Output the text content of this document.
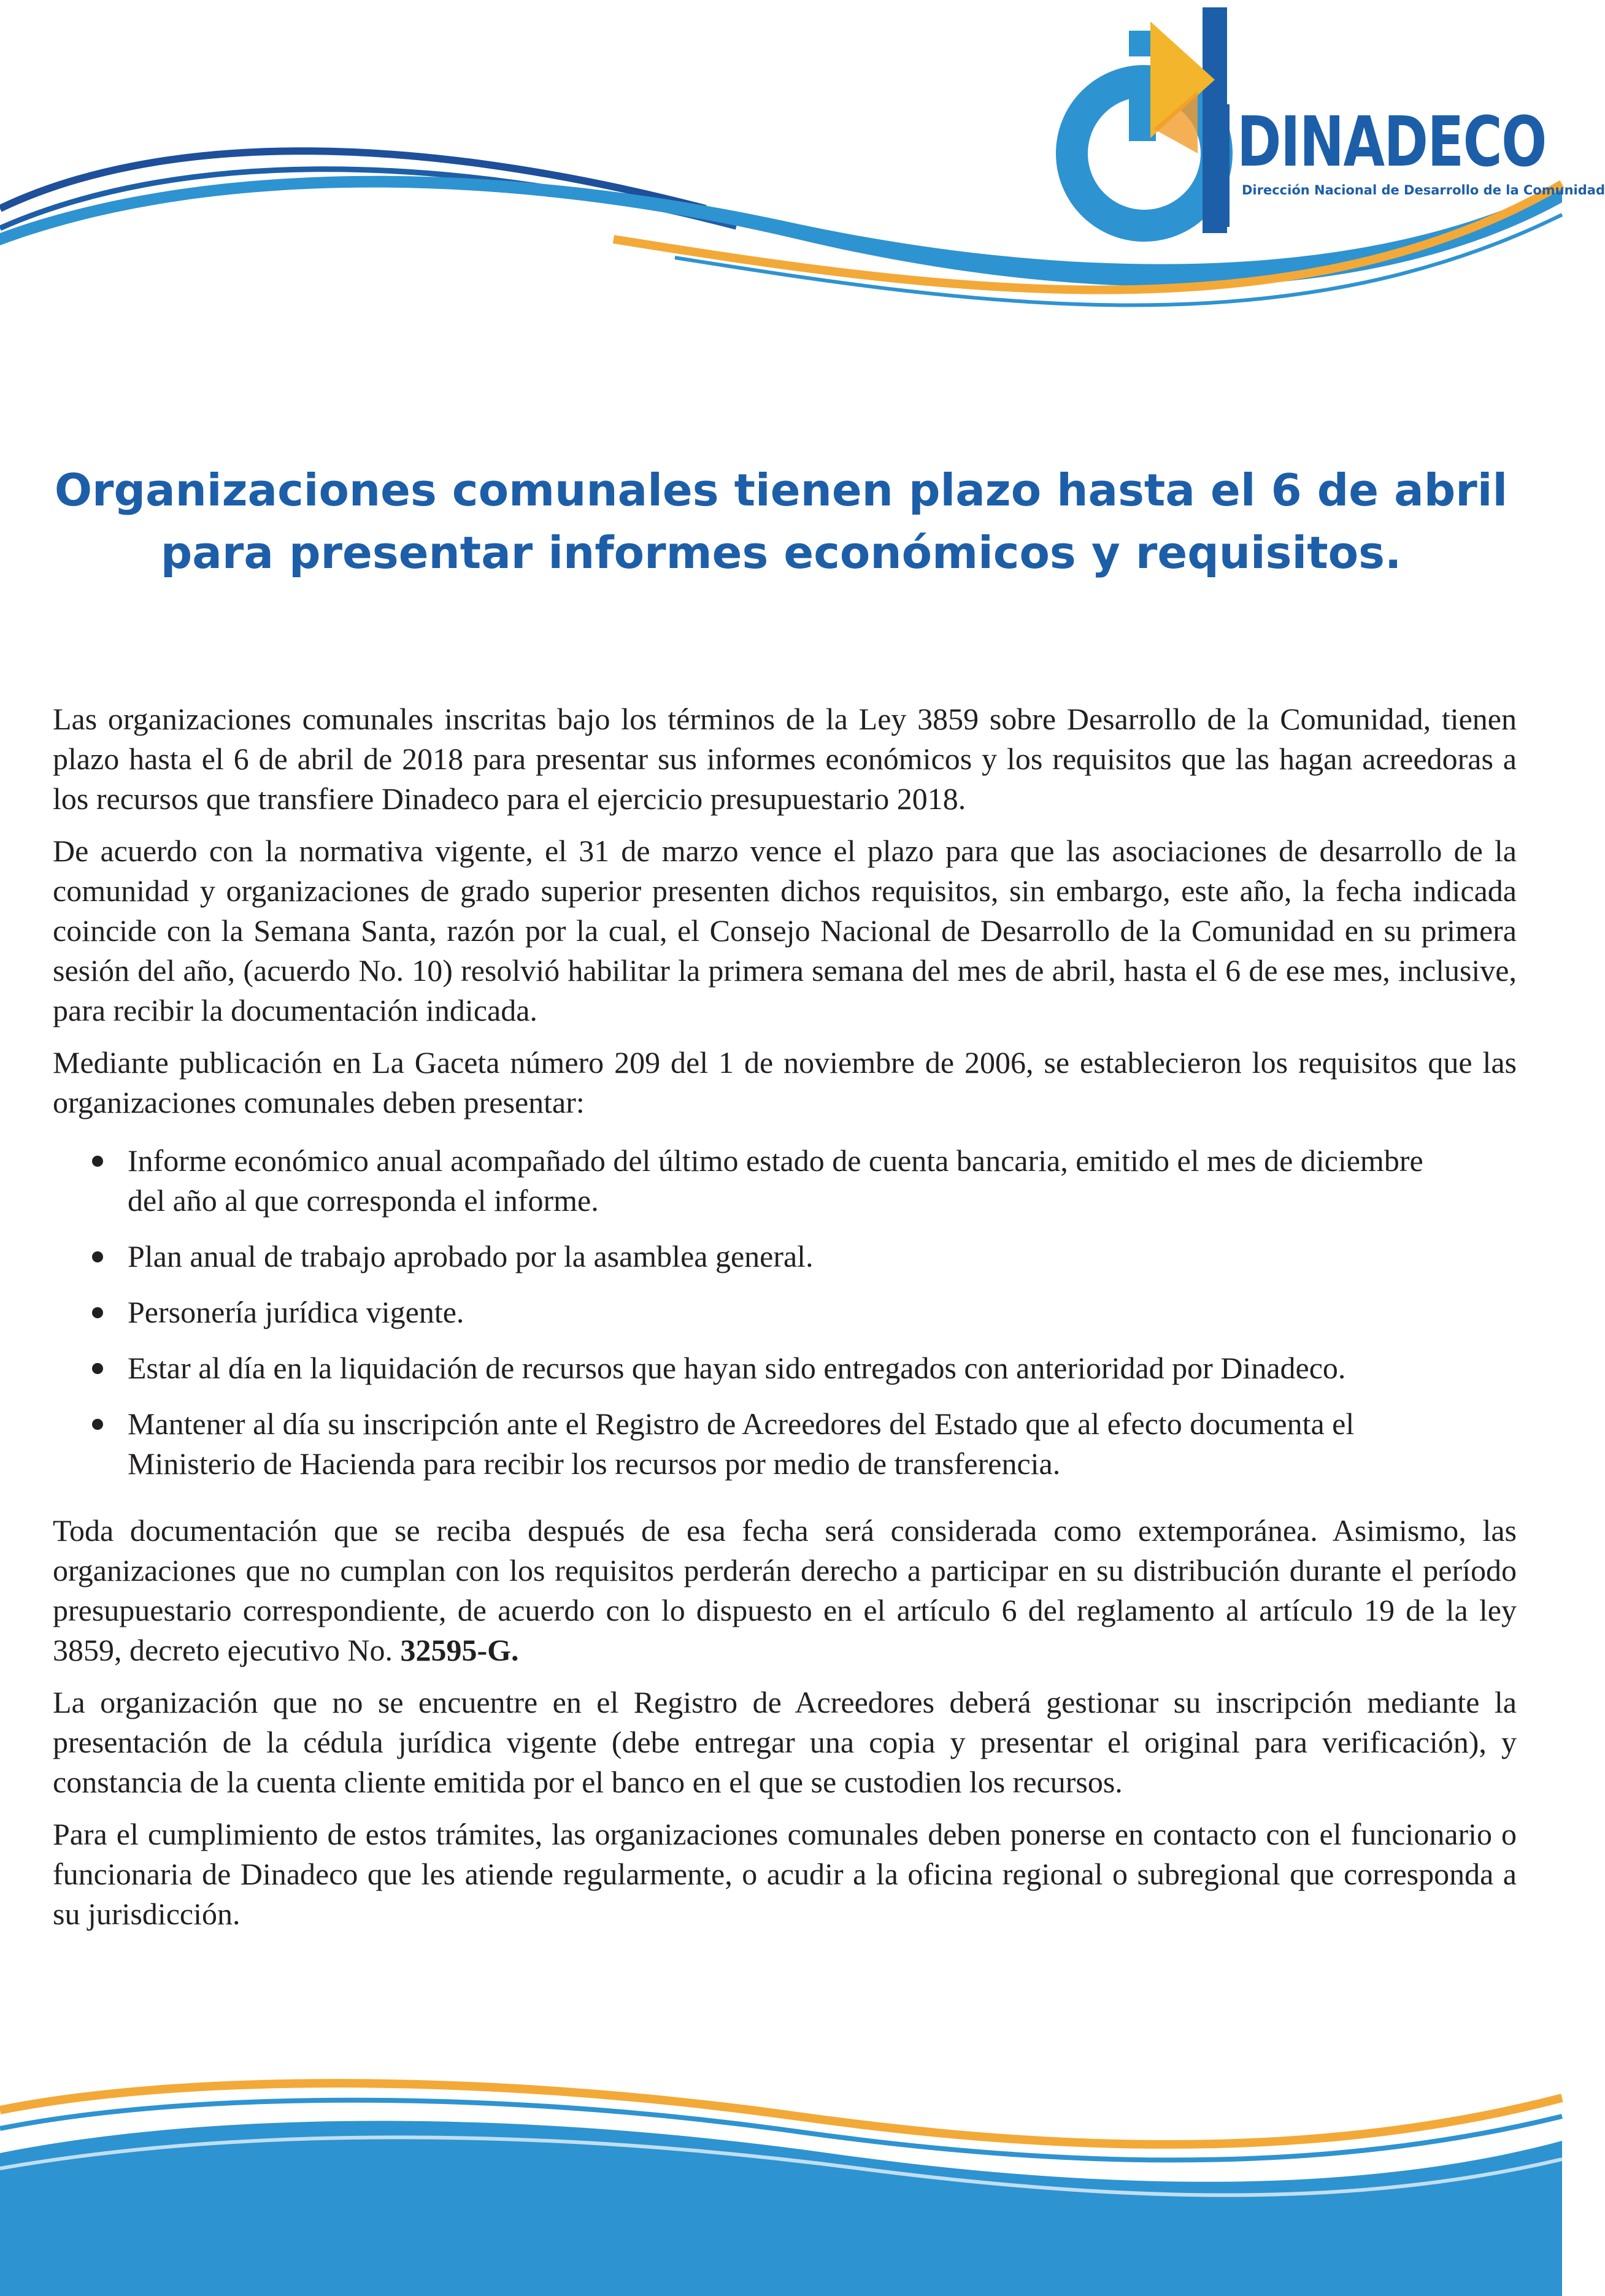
DINADECO
Dirección Nacional de Desarrollo de la Comunidad
Organizaciones comunales tienen plazo hasta el 6 de abril
para presentar informes económicos y requisitos.

Las organizaciones comunales inscritas bajo los términos de la Ley 3859 sobre Desarrollo de la Comunidad, tienen plazo hasta el 6 de abril de 2018 para presentar sus informes económicos y los requisitos que las hagan acreedoras a los recursos que transfiere Dinadeco para el ejercicio presupuestario 2018.

De acuerdo con la normativa vigente, el 31 de marzo vence el plazo para que las asociaciones de desarrollo de la comunidad y organizaciones de grado superior presenten dichos requisitos, sin embargo, este año, la fecha indicada coincide con la Semana Santa, razón por la cual, el Consejo Nacional de Desarrollo de la Comunidad en su primera sesión del año, (acuerdo No. 10) resolvió habilitar la primera semana del mes de abril, hasta el 6 de ese mes, inclusive, para recibir la documentación indicada.

Mediante publicación en La Gaceta número 209 del 1 de noviembre de 2006, se establecieron los requisitos que las organizaciones comunales deben presentar:

Informe económico anual acompañado del último estado de cuenta bancaria, emitido el mes de diciembre del año al que corresponda el informe.
Plan anual de trabajo aprobado por la asamblea general.
Personería jurídica vigente.
Estar al día en la liquidación de recursos que hayan sido entregados con anterioridad por Dinadeco.
Mantener al día su inscripción ante el Registro de Acreedores del Estado que al efecto documenta el Ministerio de Hacienda para recibir los recursos por medio de transferencia.

Toda documentación que se reciba después de esa fecha será considerada como extemporánea. Asimismo, las organizaciones que no cumplan con los requisitos perderán derecho a participar en su distribución durante el período presupuestario correspondiente, de acuerdo con lo dispuesto en el artículo 6 del reglamento al artículo 19 de la ley 3859, decreto ejecutivo No. 32595-G.

La organización que no se encuentre en el Registro de Acreedores deberá gestionar su inscripción mediante la presentación de la cédula jurídica vigente (debe entregar una copia y presentar el original para verificación), y constancia de la cuenta cliente emitida por el banco en el que se custodien los recursos.

Para el cumplimiento de estos trámites, las organizaciones comunales deben ponerse en contacto con el funcionario o funcionaria de Dinadeco que les atiende regularmente, o acudir a la oficina regional o subregional que corresponda a su jurisdicción.
